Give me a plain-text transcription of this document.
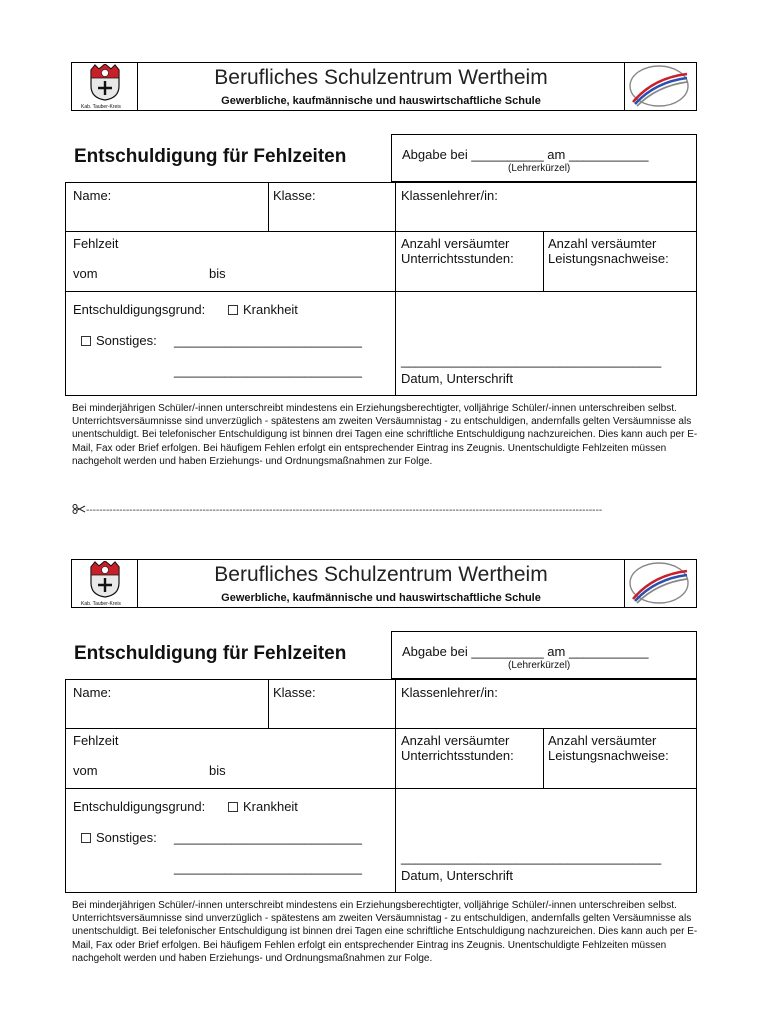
Kab. Tauber-Kreis
Berufliches Schulzentrum Wertheim
Gewerbliche, kaufmännische und hauswirtschaftliche Schule
Entschuldigung für Fehlzeiten	Abgabe bei __________ am ___________
(Lehrerkürzel)
Name:	Klasse:	Klassenlehrer/in:
Fehlzeit
vom	bis
Anzahl versäumter
Unterrichtsstunden:
Anzahl versäumter
Leistungsnachweise:
Entschuldigungsgrund:	Krankheit
Sonstiges: __________________________
__________________________
____________________________________
Datum, Unterschrift

Bei minderjährigen Schüler/-innen unterschreibt mindestens ein Erziehungsberechtigter, volljährige Schüler/-innen unterschreiben selbst.

Unterrichtsversäumnisse sind unverzüglich - spätestens am zweiten Versäumnistag - zu entschuldigen, andernfalls gelten Versäumnisse als unentschuldigt. Bei telefonischer Entschuldigung ist binnen drei Tagen eine schriftliche Entschuldigung nachzureichen. Dies kann auch per E-Mail, Fax oder Brief erfolgen. Bei häufigem Fehlen erfolgt ein entsprechender Eintrag ins Zeugnis. Unentschuldigte Fehlzeiten müssen nachgeholt werden und haben Erziehungs- und Ordnungsmaßnahmen zur Folge.

-----------------------------------------------------------------------------------------------------------------------------------------------------------
Kab. Tauber-Kreis
Berufliches Schulzentrum Wertheim
Gewerbliche, kaufmännische und hauswirtschaftliche Schule
Entschuldigung für Fehlzeiten	Abgabe bei __________ am ___________
(Lehrerkürzel)
Name:	Klasse:	Klassenlehrer/in:
Fehlzeit
vom	bis
Anzahl versäumter
Unterrichtsstunden:
Anzahl versäumter
Leistungsnachweise:
Entschuldigungsgrund:	Krankheit
Sonstiges: __________________________
__________________________
____________________________________
Datum, Unterschrift

Bei minderjährigen Schüler/-innen unterschreibt mindestens ein Erziehungsberechtigter, volljährige Schüler/-innen unterschreiben selbst.

Unterrichtsversäumnisse sind unverzüglich - spätestens am zweiten Versäumnistag - zu entschuldigen, andernfalls gelten Versäumnisse als unentschuldigt. Bei telefonischer Entschuldigung ist binnen drei Tagen eine schriftliche Entschuldigung nachzureichen. Dies kann auch per E-Mail, Fax oder Brief erfolgen. Bei häufigem Fehlen erfolgt ein entsprechender Eintrag ins Zeugnis. Unentschuldigte Fehlzeiten müssen nachgeholt werden und haben Erziehungs- und Ordnungsmaßnahmen zur Folge.
